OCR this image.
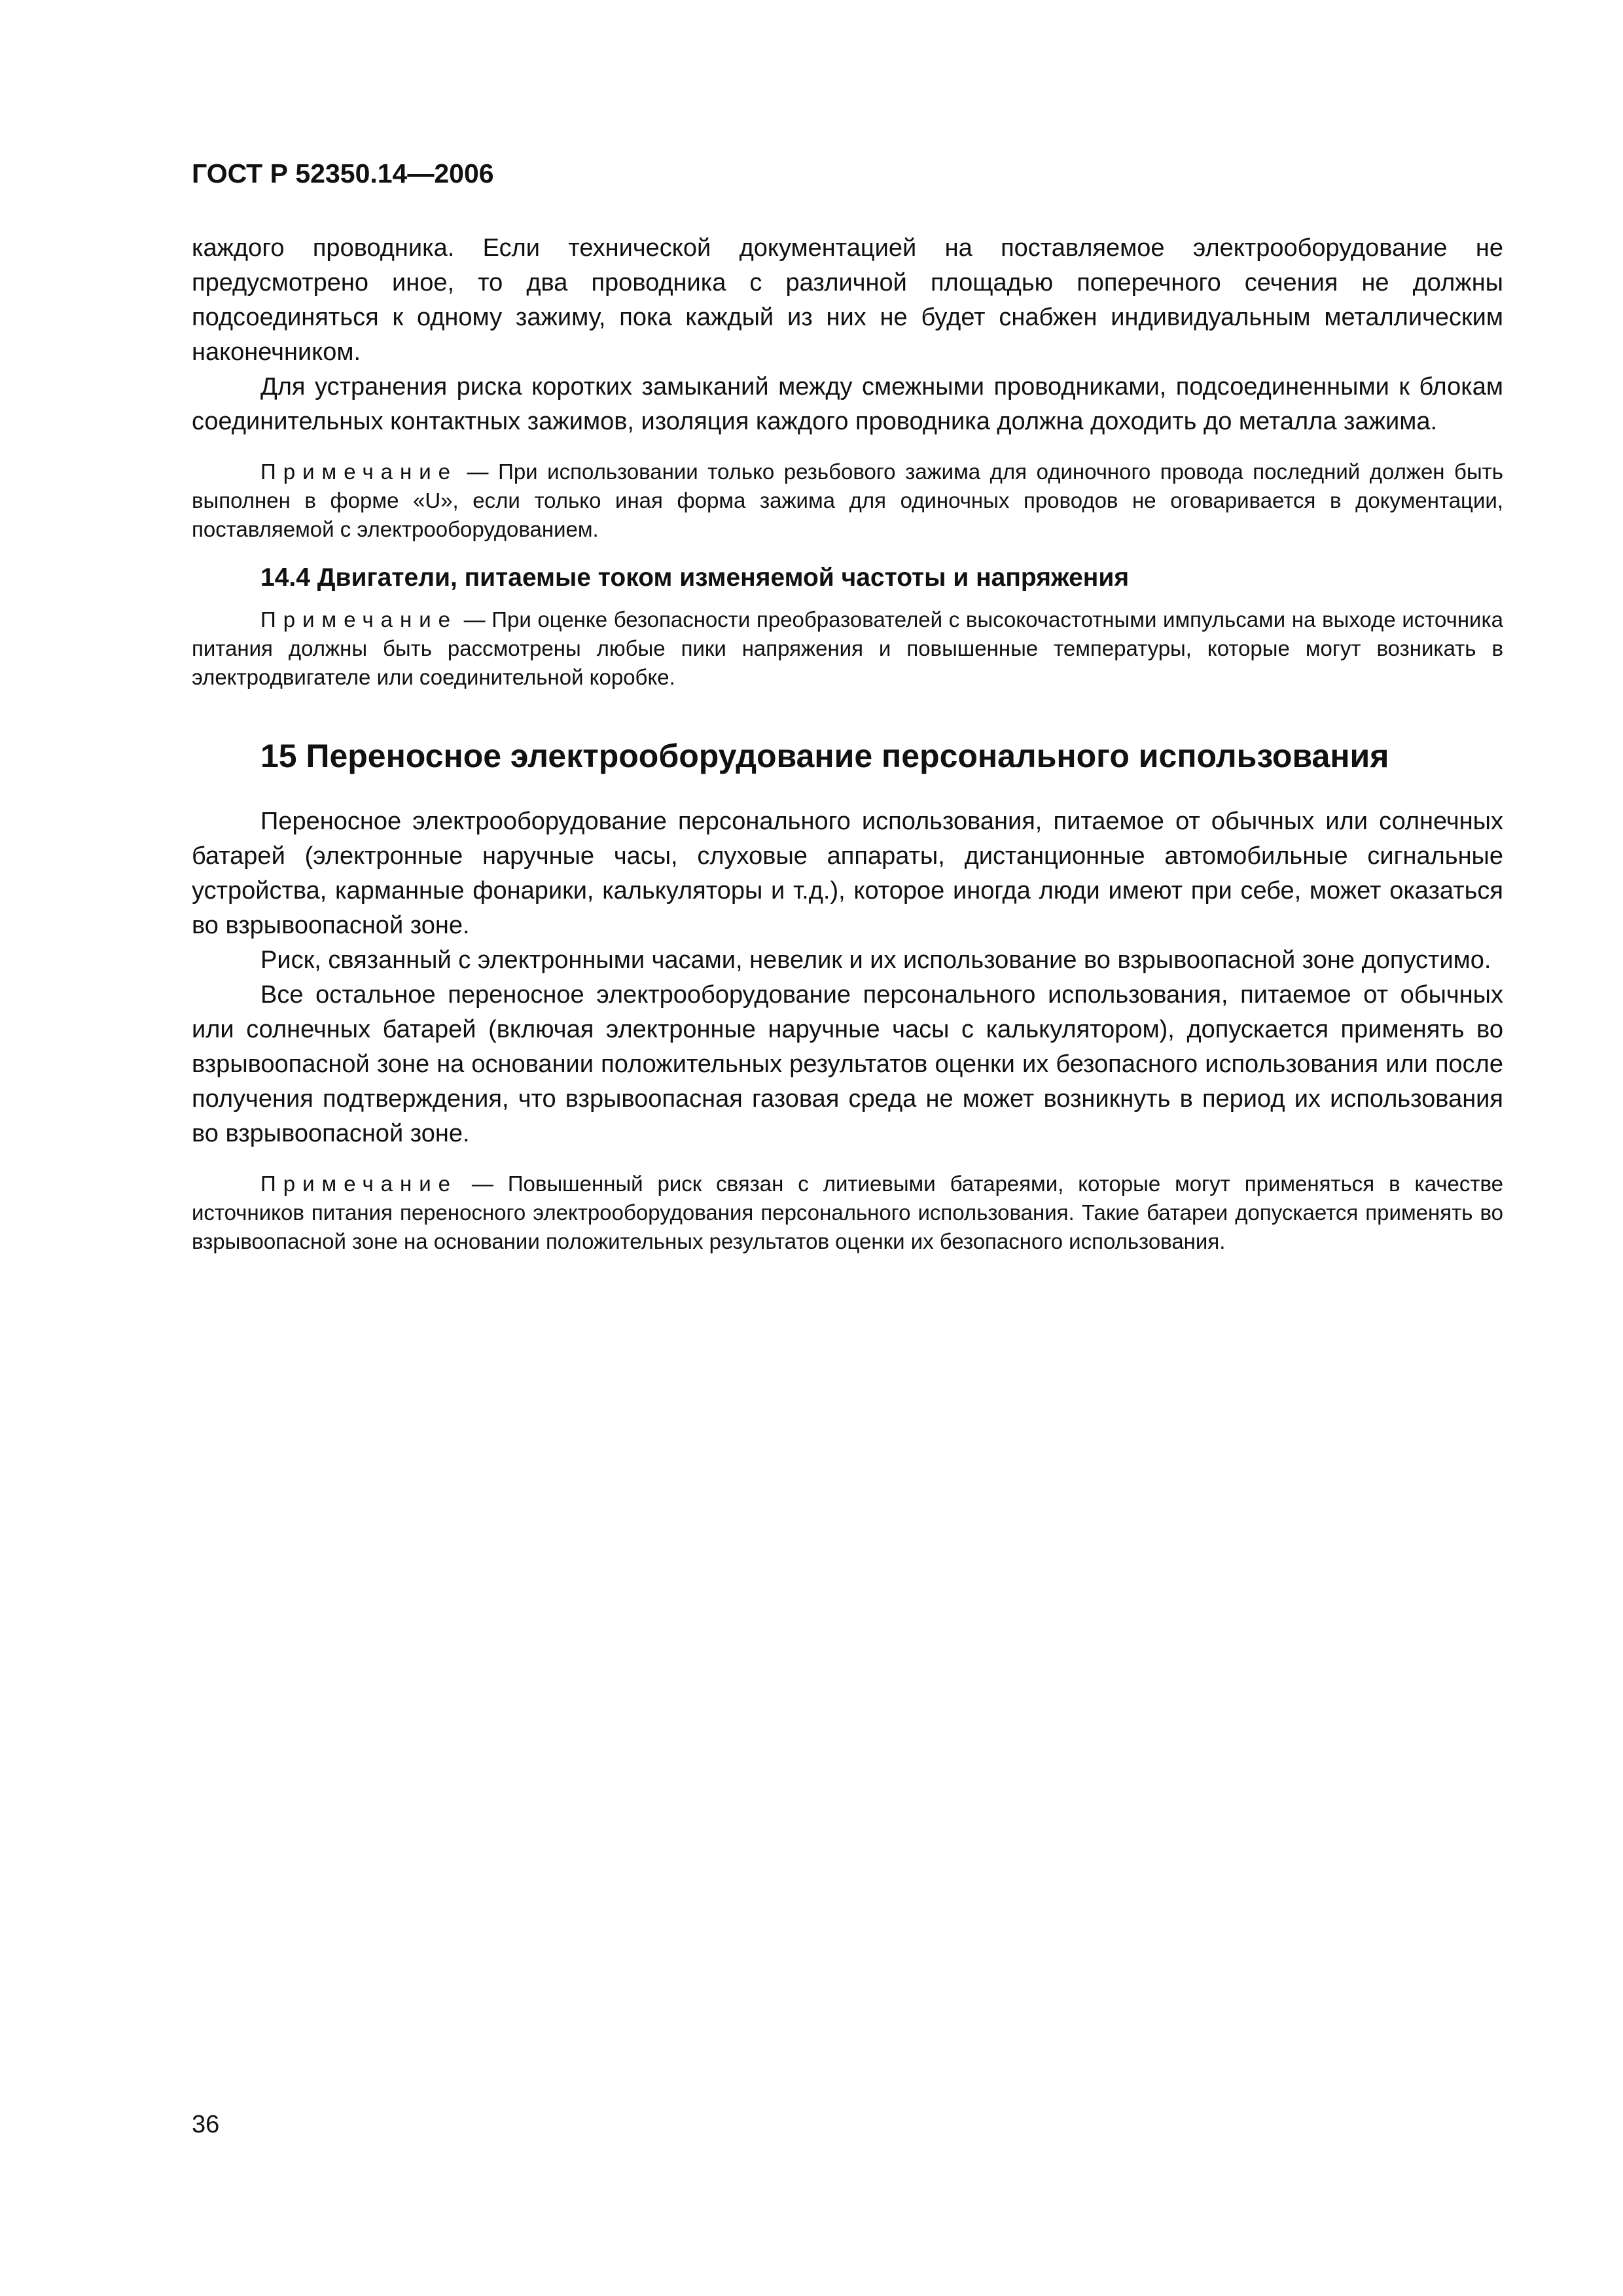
ГОСТ Р 52350.14—2006

каждого проводника. Если технической документацией на поставляемое электрооборудование не предусмотрено иное, то два проводника с различной площадью поперечного сечения не должны подсоединяться к одному зажиму, пока каждый из них не будет снабжен индивидуальным металлическим наконечником.

Для устранения риска коротких замыканий между смежными проводниками, подсоединенными к блокам соединительных контактных зажимов, изоляция каждого проводника должна доходить до металла зажима.

Примечание — При использовании только резьбового зажима для одиночного провода последний должен быть выполнен в форме «U», если только иная форма зажима для одиночных проводов не оговаривается в документации, поставляемой с электрооборудованием.

14.4 Двигатели, питаемые током изменяемой частоты и напряжения

Примечание — При оценке безопасности преобразователей с высокочастотными импульсами на выходе источника питания должны быть рассмотрены любые пики напряжения и повышенные температуры, которые могут возникать в электродвигателе или соединительной коробке.

15 Переносное электрооборудование персонального использования

Переносное электрооборудование персонального использования, питаемое от обычных или солнечных батарей (электронные наручные часы, слуховые аппараты, дистанционные автомобильные сигнальные устройства, карманные фонарики, калькуляторы и т.д.), которое иногда люди имеют при себе, может оказаться во взрывоопасной зоне.

Риск, связанный с электронными часами, невелик и их использование во взрывоопасной зоне допустимо.

Все остальное переносное электрооборудование персонального использования, питаемое от обычных или солнечных батарей (включая электронные наручные часы с калькулятором), допускается применять во взрывоопасной зоне на основании положительных результатов оценки их безопасного использования или после получения подтверждения, что взрывоопасная газовая среда не может возникнуть в период их использования во взрывоопасной зоне.

Примечание — Повышенный риск связан с литиевыми батареями, которые могут применяться в качестве источников питания переносного электрооборудования персонального использования. Такие батареи допускается применять во взрывоопасной зоне на основании положительных результатов оценки их безопасного использования.

36
